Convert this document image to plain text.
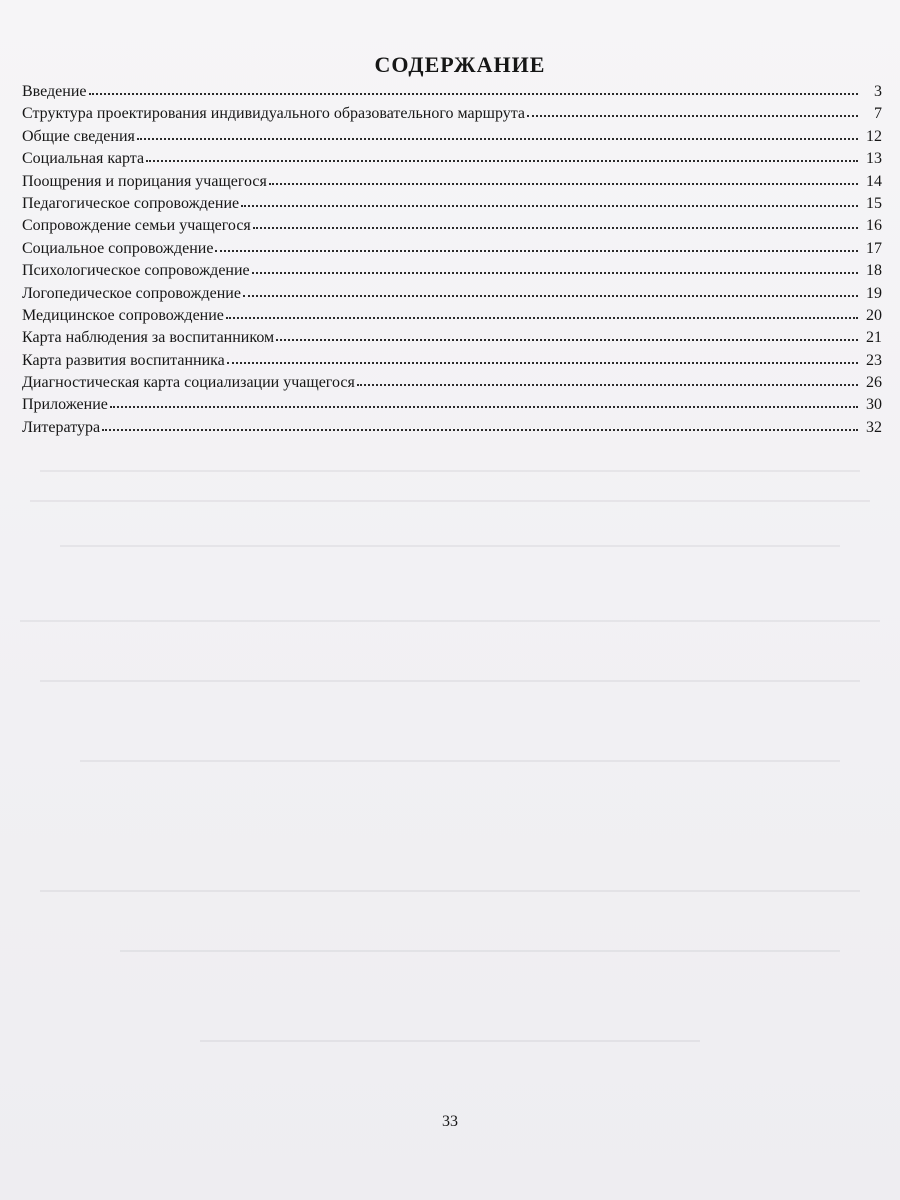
СОДЕРЖАНИЕ
Введение	3
Структура проектирования индивидуального образовательного маршрута	7
Общие сведения	12
Социальная карта	13
Поощрения и порицания учащегося	14
Педагогическое сопровождение	15
Сопровождение семьи учащегося	16
Социальное сопровождение	17
Психологическое сопровождение	18
Логопедическое сопровождение	19
Медицинское сопровождение	20
Карта наблюдения за воспитанником	21
Карта развития воспитанника	23
Диагностическая карта социализации учащегося	26
Приложение	30
Литература	32
33
